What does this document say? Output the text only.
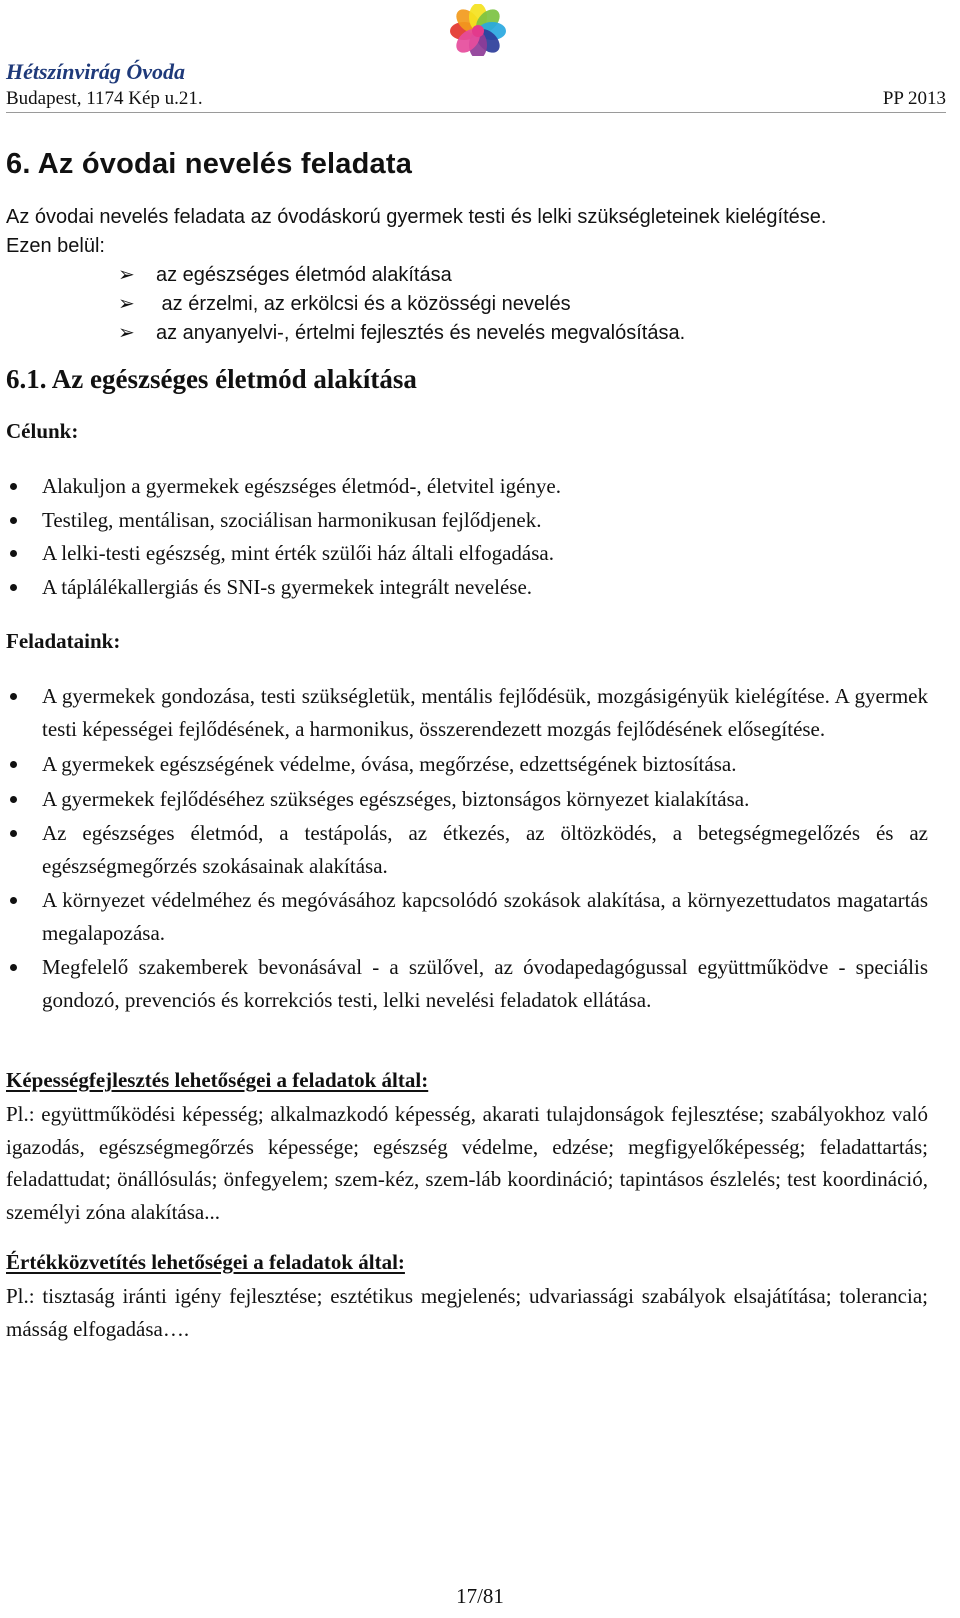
Hétszínvirág Óvoda
Budapest, 1174 Kép u.21.	PP 2013
6. Az óvodai nevelés feladata

Az óvodai nevelés feladata az óvodáskorú gyermek testi és lelki szükségleteinek kielégítése.

Ezen belül:

➢ az egészséges életmód alakítása
➢ az érzelmi, az erkölcsi és a közösségi nevelés
➢ az anyanyelvi-, értelmi fejlesztés és nevelés megvalósítása.
6.1. Az egészséges életmód alakítása
Célunk:
Alakuljon a gyermekek egészséges életmód-, életvitel igénye.
Testileg, mentálisan, szociálisan harmonikusan fejlődjenek.
A lelki-testi egészség, mint érték szülői ház általi elfogadása.
A táplálékallergiás és SNI-s gyermekek integrált nevelése.
Feladataink:
A gyermekek gondozása, testi szükségletük, mentális fejlődésük, mozgásigényük kielégítése. A gyermek testi képességei fejlődésének, a harmonikus, összerendezett mozgás fejlődésének elősegítése.
A gyermekek egészségének védelme, óvása, megőrzése, edzettségének biztosítása.
A gyermekek fejlődéséhez szükséges egészséges, biztonságos környezet kialakítása.
Az egészséges életmód, a testápolás, az étkezés, az öltözködés, a betegségmegelőzés és az egészségmegőrzés szokásainak alakítása.
A környezet védelméhez és megóvásához kapcsolódó szokások alakítása, a környezettudatos magatartás megalapozása.
Megfelelő szakemberek bevonásával - a szülővel, az óvodapedagógussal együttműködve - speciális gondozó, prevenciós és korrekciós testi, lelki nevelési feladatok ellátása.
Képességfejlesztés lehetőségei a feladatok által:

Pl.: együttműködési képesség; alkalmazkodó képesség, akarati tulajdonságok fejlesztése; szabályokhoz való igazodás, egészségmegőrzés képessége; egészség védelme, edzése; megfigyelőképesség; feladattartás; feladattudat; önállósulás; önfegyelem; szem-kéz, szem-láb koordináció; tapintásos észlelés; test koordináció, személyi zóna alakítása...

Értékközvetítés lehetőségei a feladatok által:

Pl.: tisztaság iránti igény fejlesztése; esztétikus megjelenés; udvariassági szabályok elsajátítása; tolerancia; másság elfogadása….

17/81
